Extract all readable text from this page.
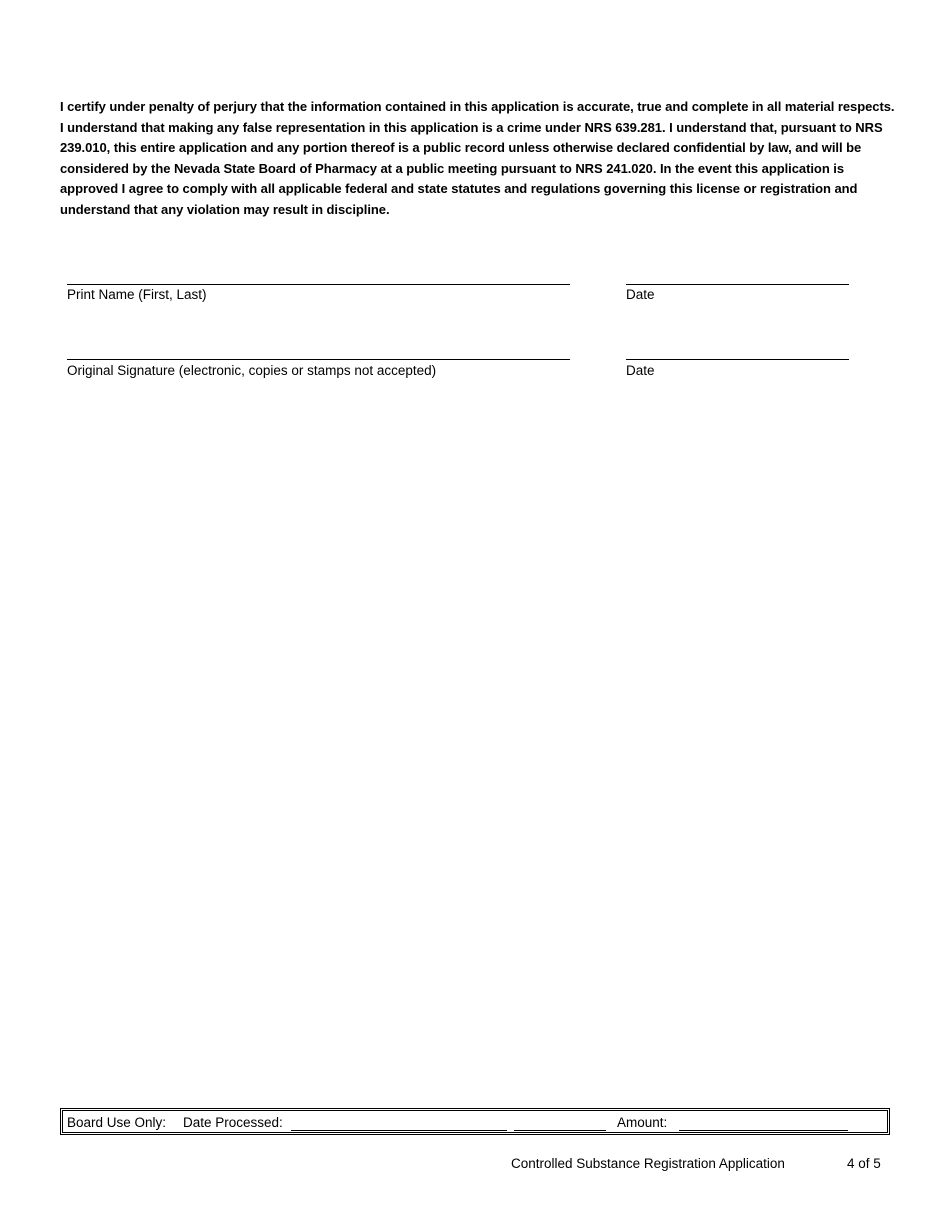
I certify under penalty of perjury that the information contained in this application is accurate, true and complete in all material respects. I understand that making any false representation in this application is a crime under NRS 639.281. I understand that, pursuant to NRS 239.010, this entire application and any portion thereof is a public record unless otherwise declared confidential by law, and will be considered by the Nevada State Board of Pharmacy at a public meeting pursuant to NRS 241.020. In the event this application is approved I agree to comply with all applicable federal and state statutes and regulations governing this license or registration and understand that any violation may result in discipline.

Print Name (First, Last)	Date
Original Signature (electronic, copies or stamps not accepted)	Date
Board Use Only: Date Processed:	Amount:
Controlled Substance Registration Application	4 of 5
